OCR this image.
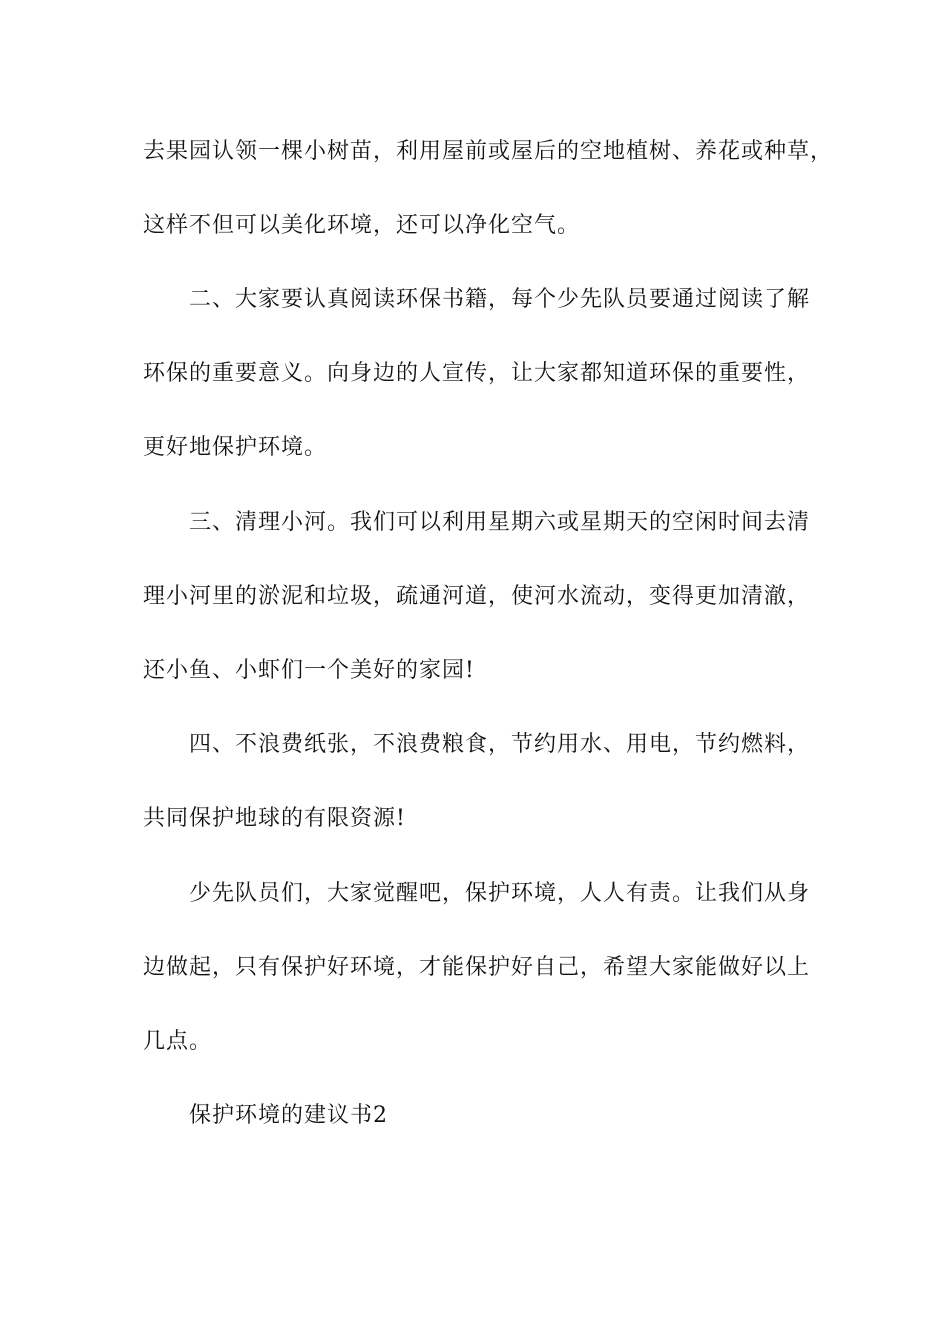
去果园认领一棵小树苗，利用屋前或屋后的空地植树、养花或种草，
这样不但可以美化环境，还可以净化空气。
二、大家要认真阅读环保书籍，每个少先队员要通过阅读了解
环保的重要意义。向身边的人宣传，让大家都知道环保的重要性，
更好地保护环境。
三、清理小河。我们可以利用星期六或星期天的空闲时间去清
理小河里的淤泥和垃圾，疏通河道，使河水流动，变得更加清澈，
还小鱼、小虾们一个美好的家园!
四、不浪费纸张，不浪费粮食，节约用水、用电，节约燃料，
共同保护地球的有限资源!
少先队员们，大家觉醒吧，保护环境，人人有责。让我们从身
边做起，只有保护好环境，才能保护好自己，希望大家能做好以上
几点。
保护环境的建议书2
